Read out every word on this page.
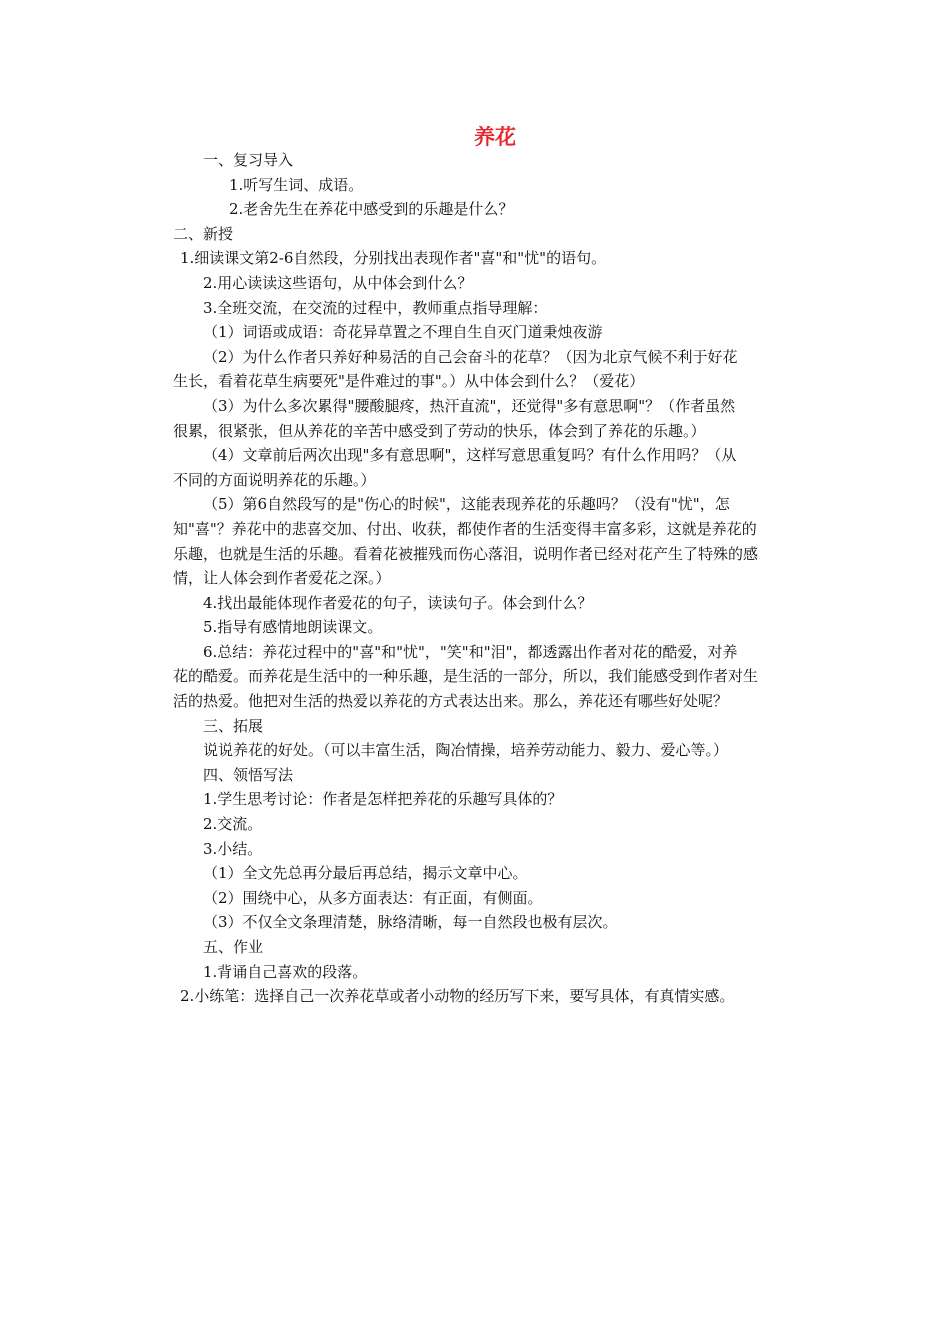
养花
一、复习导入
1.听写生词、成语。
2.老舍先生在养花中感受到的乐趣是什么？
二、新授
1.细读课文第2-6自然段，分别找出表现作者"喜"和"忧"的语句。
2.用心读读这些语句，从中体会到什么？
3.全班交流，在交流的过程中，教师重点指导理解：
（1）词语或成语：奇花异草置之不理自生自灭门道秉烛夜游
（2）为什么作者只养好种易活的自己会奋斗的花草？（因为北京气候不利于好花
生长，看着花草生病要死"是件难过的事"。）从中体会到什么？（爱花）
（3）为什么多次累得"腰酸腿疼，热汗直流"，还觉得"多有意思啊"？（作者虽然
很累，很紧张，但从养花的辛苦中感受到了劳动的快乐，体会到了养花的乐趣。）
（4）文章前后两次出现"多有意思啊"，这样写意思重复吗？有什么作用吗？（从
不同的方面说明养花的乐趣。）
（5）第6自然段写的是"伤心的时候"，这能表现养花的乐趣吗？（没有"忧"，怎
知"喜"？养花中的悲喜交加、付出、收获，都使作者的生活变得丰富多彩，这就是养花的
乐趣，也就是生活的乐趣。看着花被摧残而伤心落泪，说明作者已经对花产生了特殊的感
情，让人体会到作者爱花之深。）
4.找出最能体现作者爱花的句子，读读句子。体会到什么？
5.指导有感情地朗读课文。
6.总结：养花过程中的"喜"和"忧"，"笑"和"泪"，都透露出作者对花的酷爱，对养
花的酷爱。而养花是生活中的一种乐趣，是生活的一部分，所以，我们能感受到作者对生
活的热爱。他把对生活的热爱以养花的方式表达出来。那么，养花还有哪些好处呢？
三、拓展
说说养花的好处。（可以丰富生活，陶冶情操，培养劳动能力、毅力、爱心等。）
四、领悟写法
1.学生思考讨论：作者是怎样把养花的乐趣写具体的？
2.交流。
3.小结。
（1）全文先总再分最后再总结，揭示文章中心。
（2）围绕中心，从多方面表达：有正面，有侧面。
（3）不仅全文条理清楚，脉络清晰，每一自然段也极有层次。
五、作业
1.背诵自己喜欢的段落。
2.小练笔：选择自己一次养花草或者小动物的经历写下来，要写具体，有真情实感。
